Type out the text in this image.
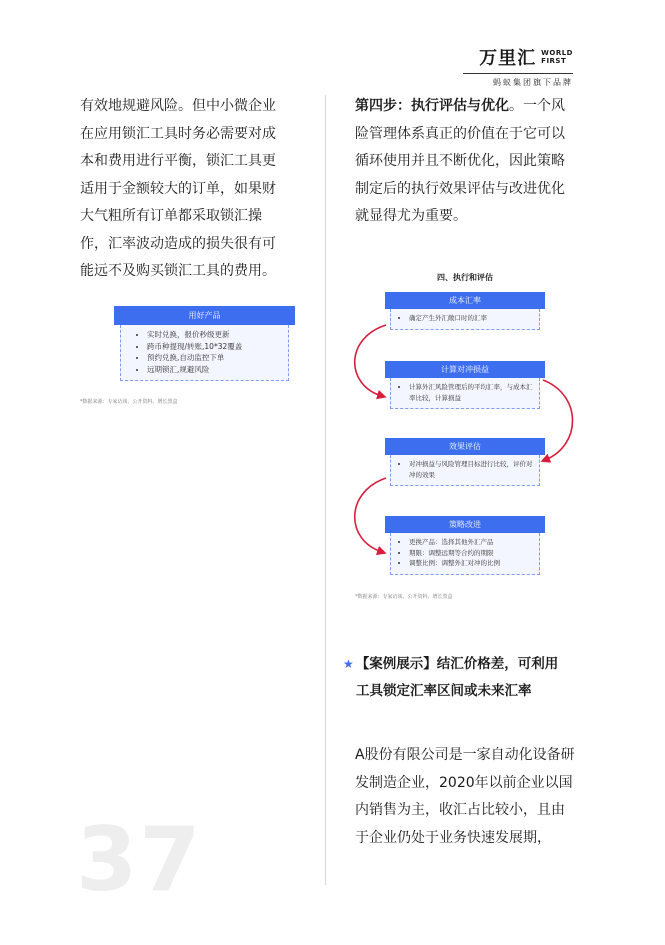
万里汇 WORLD
FIRST
蚂蚁集团旗下品牌

有效地规避风险。但中小微企业在应用锁汇工具时务必需要对成本和费用进行平衡，锁汇工具更适用于金额较大的订单，如果财大气粗所有订单都采取锁汇操作，汇率波动造成的损失很有可能远不及购买锁汇工具的费用。

用好产品
• 实时兑换，报价秒级更新
• 跨币种提现/转账,10*32覆盖
• 预约兑换,自动监控下单
• 远期锁汇,规避风险
*数据来源：专家访谈、公开资料、增长黑盒

第四步：执行评估与优化。一个风险管理体系真正的价值在于它可以循环使用并且不断优化，因此策略制定后的执行效果评估与改进优化就显得尤为重要。

四、执行和评估
成本汇率
• 确定产生外汇敞口时的汇率
计算对冲损益
• 计算外汇风险管理后的平均汇率，与成本汇率比较，计算损益
效果评估
• 对冲损益与风险管理目标进行比较，评价对冲的效果
策略改进
• 更换产品：选择其他外汇产品
• 期限：调整远期等合约的期限
• 调整比例：调整外汇对冲的比例
*数据来源：专家访谈、公开资料、增长黑盒

★ 【案例展示】结汇价格差，可利用
工具锁定汇率区间或未来汇率

A股份有限公司是一家自动化设备研发制造企业，2020年以前企业以国内销售为主，收汇占比较小，且由于企业仍处于业务快速发展期，

37
